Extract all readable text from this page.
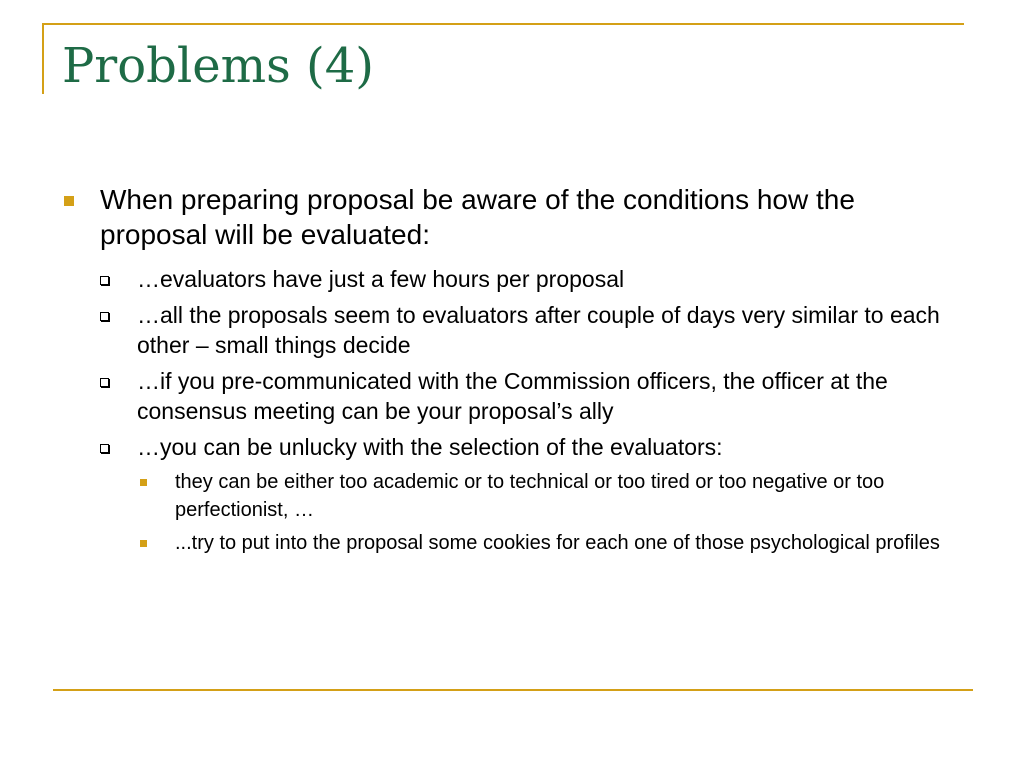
Problems (4)
When preparing proposal be aware of the conditions how the proposal will be evaluated:
…evaluators have just a few hours per proposal
…all the proposals seem to evaluators after couple of days very similar to each other – small things decide
…if you pre-communicated with the Commission officers, the officer at the consensus meeting can be your proposal’s ally
…you can be unlucky with the selection of the evaluators:
they can be either too academic or to technical or too tired or too negative or too perfectionist, …
...try to put into the proposal some cookies for each one of those psychological profiles
